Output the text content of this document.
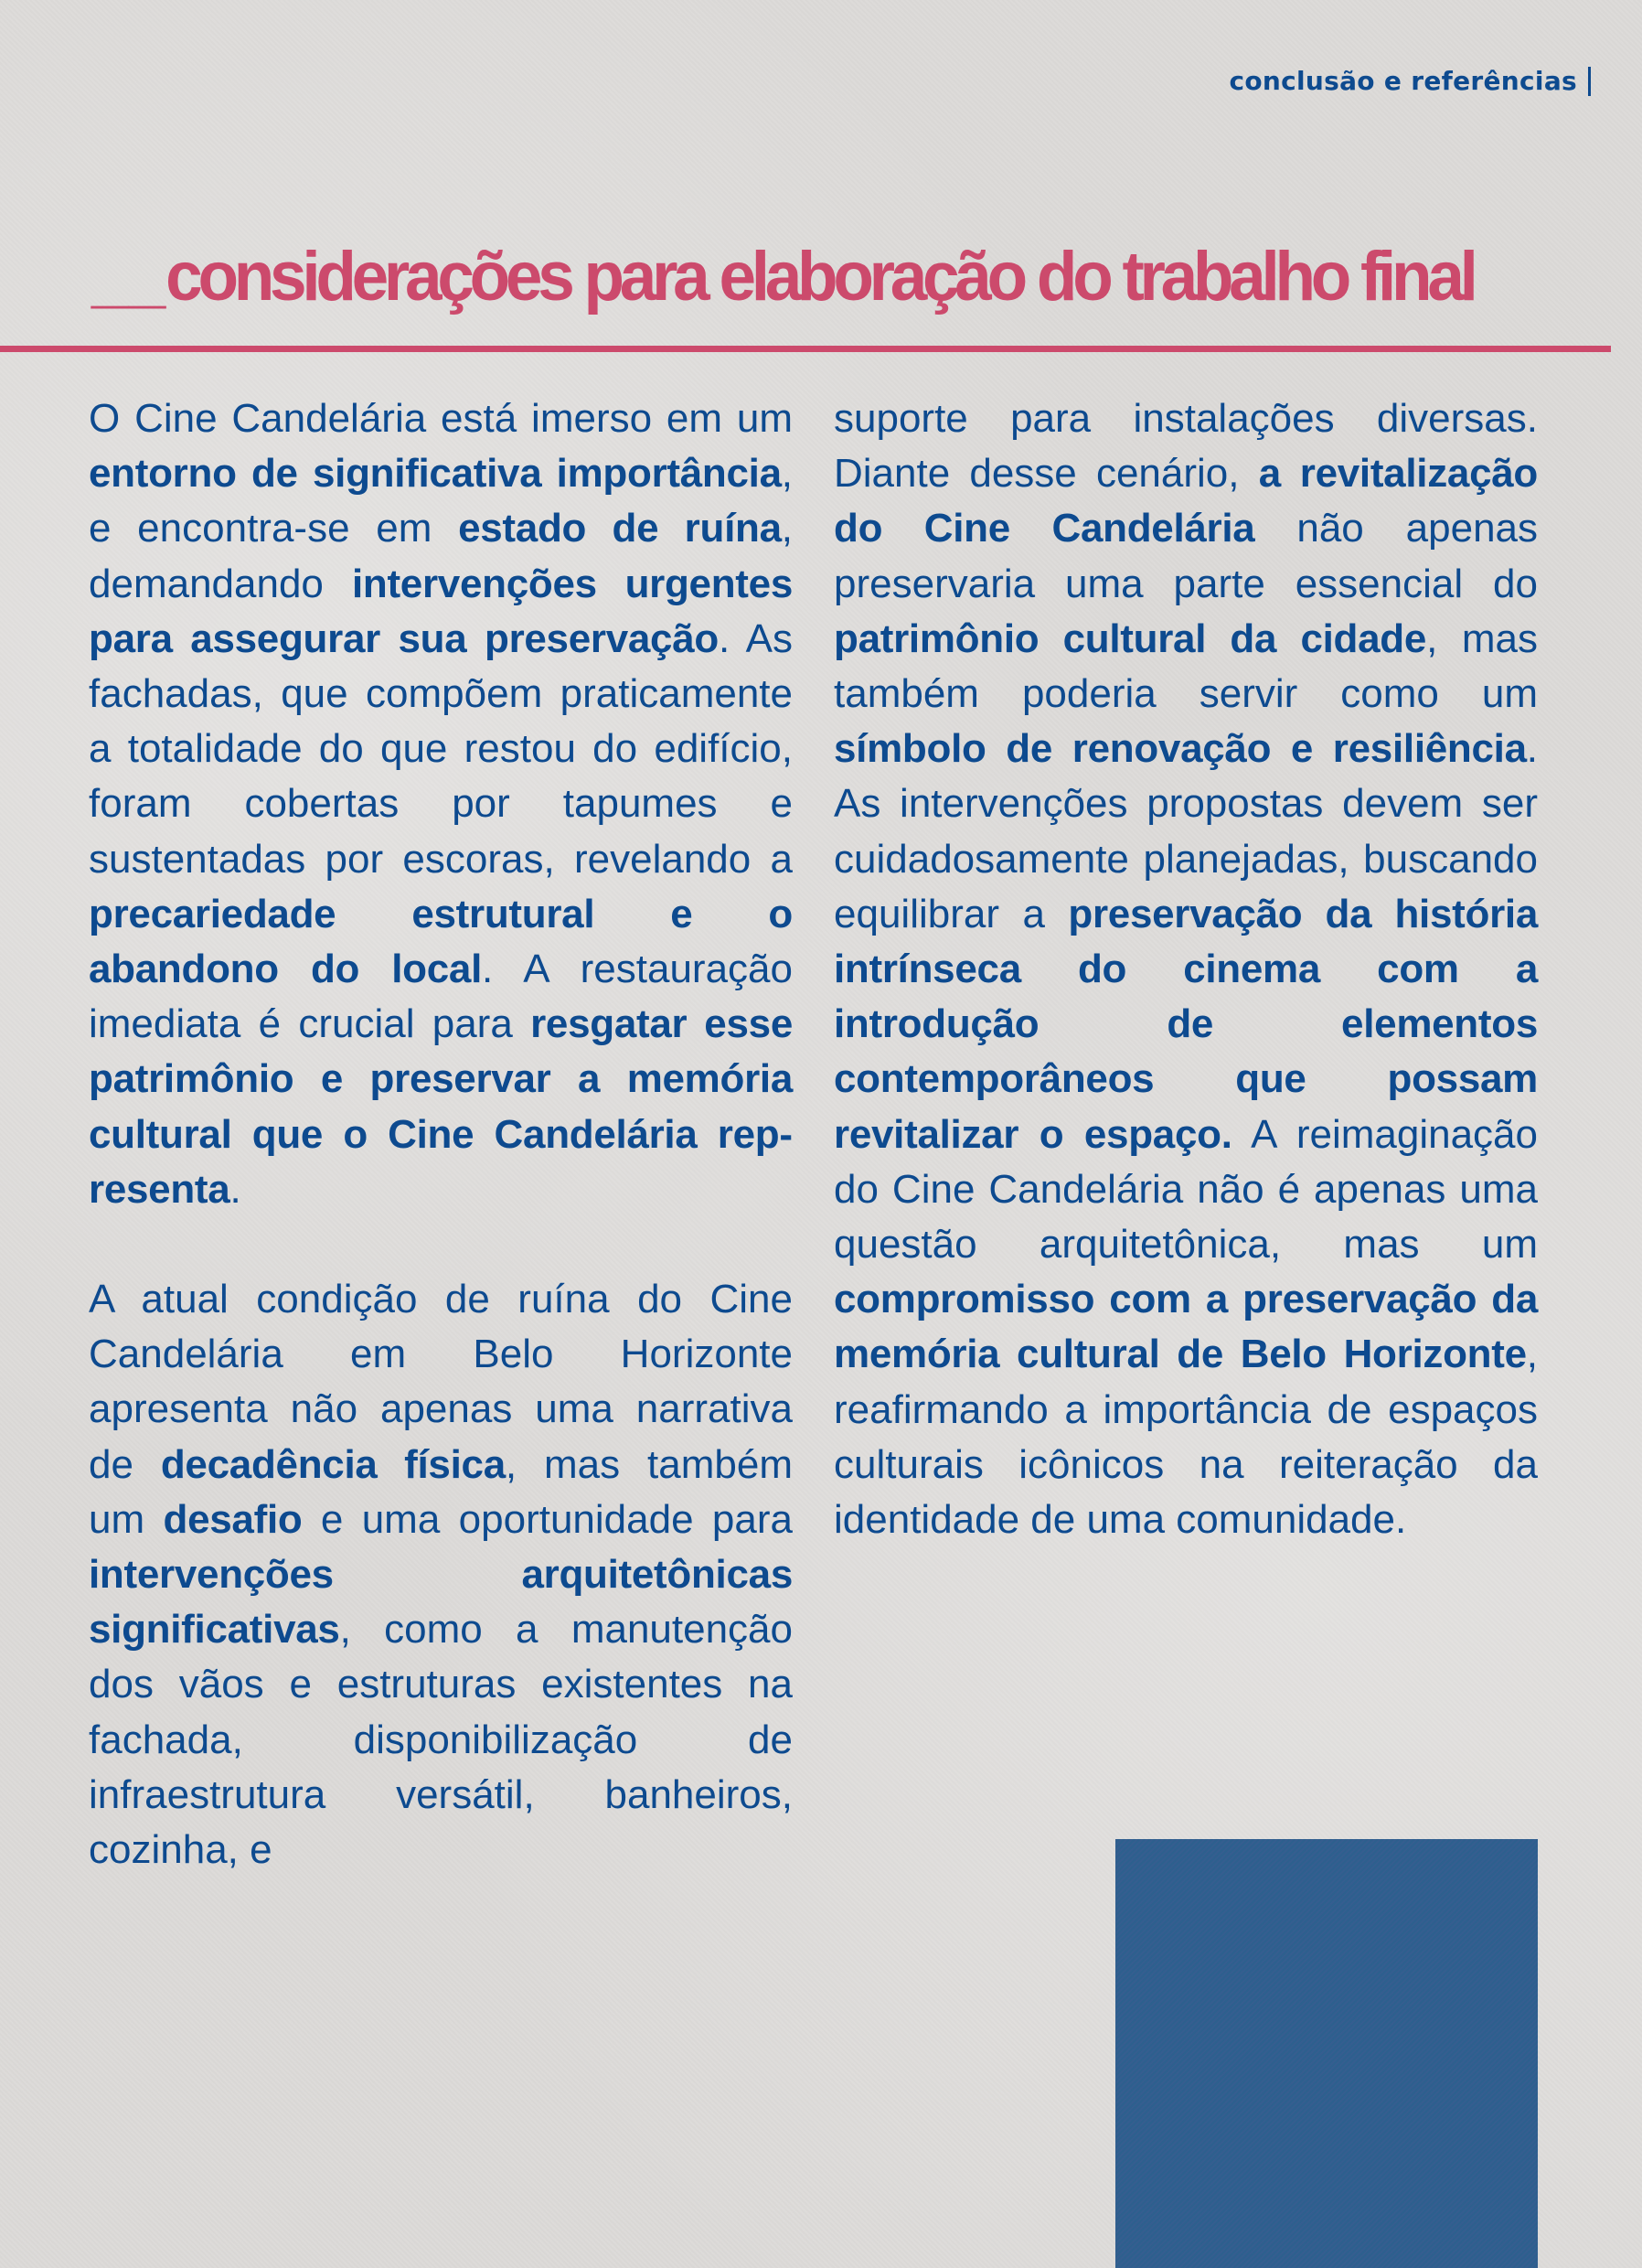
conclusão e referências
__considerações para elaboração do trabalho final

O Cine Candelária está imerso em um entorno de significativa importância, e encontra-se em estado de ruína, demandando intervenções urgentes para assegurar sua preservação. As fachadas, que compõem praticamente a totalidade do que restou do edifício, foram cobertas por tapumes e sustentadas por escoras, revelando a precariedade estrutural e o abandono do local. A restauração imediata é crucial para resgatar esse patrimônio e preservar a memória cultural que o Cine Candelária representa.

A atual condição de ruína do Cine Candelária em Belo Horizonte apresenta não apenas uma narrativa de decadência física, mas também um desafio e uma oportunidade para intervenções arquitetônicas significativas, como a manutenção dos vãos e estruturas existentes na fachada, disponibilização de infraestrutura versátil, banheiros, cozinha, e

suporte para instalações diversas. Diante desse cenário, a revitalização do Cine Candelária não apenas preservaria uma parte essencial do patrimônio cultural da cidade, mas também poderia servir como um símbolo de renovação e resiliência. As intervenções propostas devem ser cuidadosamente planejadas, buscando equilibrar a preservação da história intrínseca do cinema com a introdução de elementos contemporâneos que possam revitalizar o espaço. A reimaginação do Cine Candelária não é apenas uma questão arquitetônica, mas um compromisso com a preservação da memória cultural de Belo Horizonte, reafirmando a importância de espaços culturais icônicos na reiteração da identidade de uma comunidade.
